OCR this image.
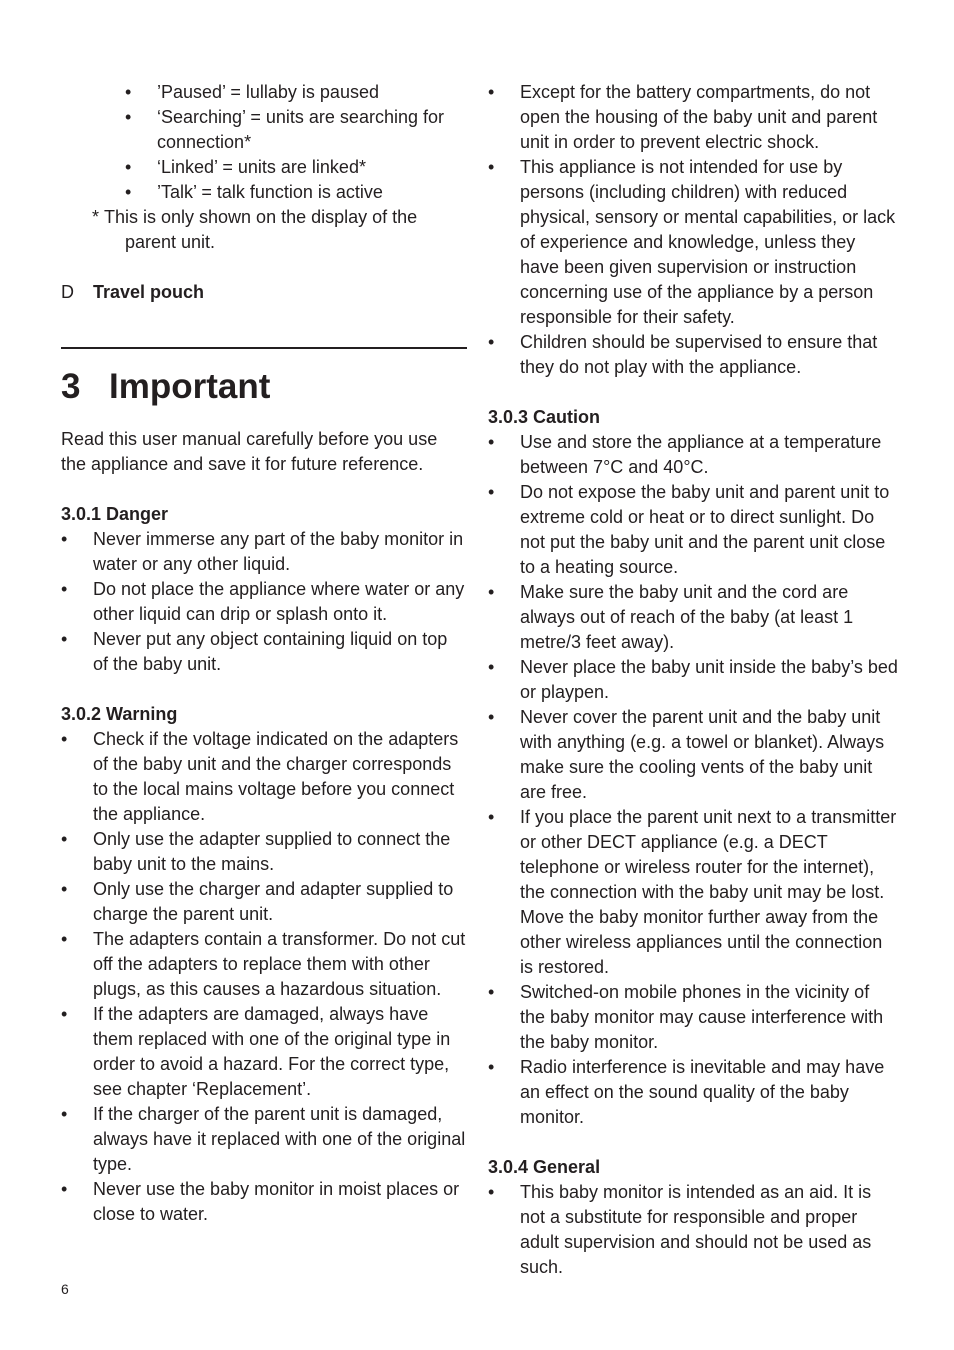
• ’Paused’ = lullaby is paused
• ‘Searching’ = units are searching for connection*
• ‘Linked’ = units are linked*
• ’Talk’ = talk function is active

* This is only shown on the display of the parent unit.

D Travel pouch
3 Important

Read this user manual carefully before you use the appliance and save it for future reference.

3.0.1 Danger
• Never immerse any part of the baby monitor in water or any other liquid.
• Do not place the appliance where water or any other liquid can drip or splash onto it.
• Never put any object containing liquid on top of the baby unit.
3.0.2 Warning
• Check if the voltage indicated on the adapters of the baby unit and the charger corresponds to the local mains voltage before you connect the appliance.
• Only use the adapter supplied to connect the baby unit to the mains.
• Only use the charger and adapter supplied to charge the parent unit.
• The adapters contain a transformer. Do not cut off the adapters to replace them with other plugs, as this causes a hazardous situation.
• If the adapters are damaged, always have them replaced with one of the original type in order to avoid a hazard. For the correct type, see chapter ‘Replacement’.
• If the charger of the parent unit is damaged, always have it replaced with one of the original type.
• Never use the baby monitor in moist places or close to water.
• Except for the battery compartments, do not open the housing of the baby unit and parent unit in order to prevent electric shock.
• This appliance is not intended for use by persons (including children) with reduced physical, sensory or mental capabilities, or lack of experience and knowledge, unless they have been given supervision or instruction concerning use of the appliance by a person responsible for their safety.
• Children should be supervised to ensure that they do not play with the appliance.
3.0.3 Caution
• Use and store the appliance at a temperature between 7°C and 40°C.
• Do not expose the baby unit and parent unit to extreme cold or heat or to direct sunlight. Do not put the baby unit and the parent unit close to a heating source.
• Make sure the baby unit and the cord are always out of reach of the baby (at least 1 metre/3 feet away).
• Never place the baby unit inside the baby’s bed or playpen.
• Never cover the parent unit and the baby unit with anything (e.g. a towel or blanket). Always make sure the cooling vents of the baby unit are free.
• If you place the parent unit next to a transmitter or other DECT appliance (e.g. a DECT telephone or wireless router for the internet), the connection with the baby unit may be lost. Move the baby monitor further away from the other wireless appliances until the connection is restored.
• Switched-on mobile phones in the vicinity of the baby monitor may cause interference with the baby monitor.
• Radio interference is inevitable and may have an effect on the sound quality of the baby monitor.
3.0.4 General
• This baby monitor is intended as an aid. It is not a substitute for responsible and proper adult supervision and should not be used as such.
6
